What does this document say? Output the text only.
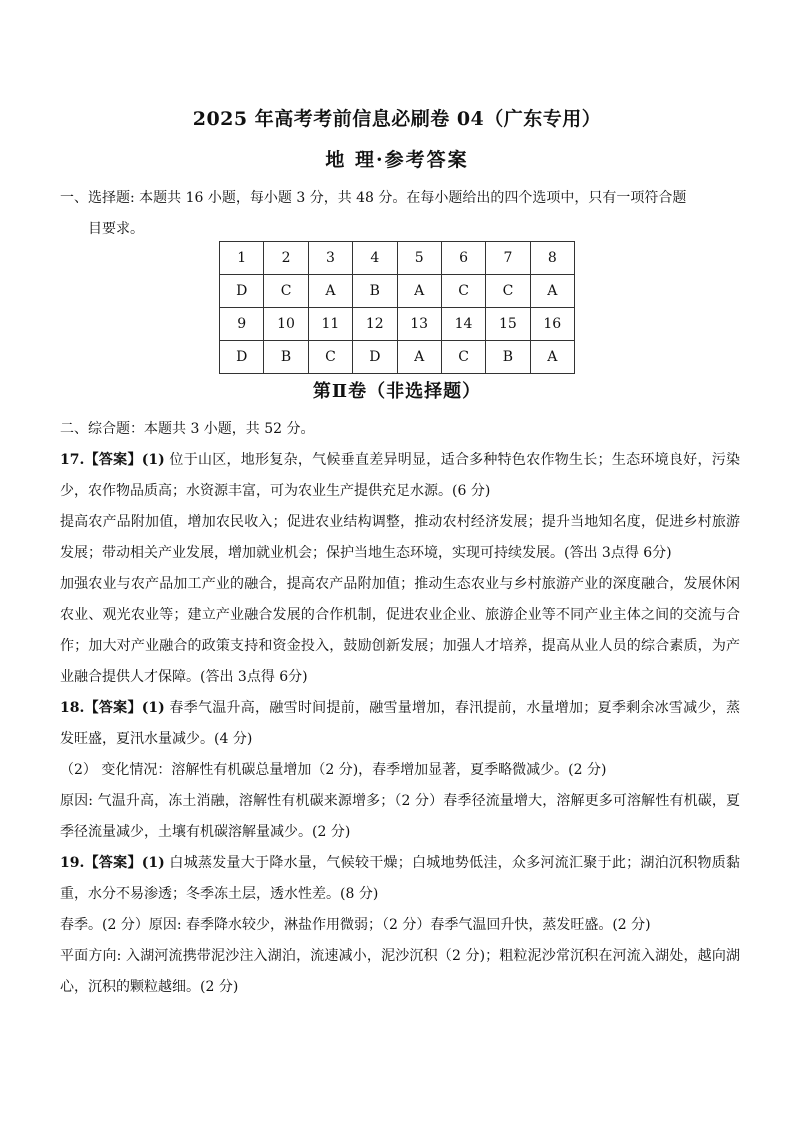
2025 年高考考前信息必刷卷 04（广东专用）
地 理·参考答案
一、选择题: 本题共 16 小题，每小题 3 分，共 48 分。在每小题给出的四个选项中，只有一项符合题
目要求。
1	2	3	4	5	6	7	8
D	C	A	B	A	C	C	A
9	10	11	12	13	14	15	16
D	B	C	D	A	C	B	A
第Ⅱ卷（非选择题）

二、综合题：本题共 3 小题，共 52 分。

17.【答案】(1) 位于山区，地形复杂，气候垂直差异明显，适合多种特色农作物生长；生态环境良好，污染少，农作物品质高；水资源丰富，可为农业生产提供充足水源。(6 分)

提高农产品附加值，增加农民收入；促进农业结构调整，推动农村经济发展；提升当地知名度，促进乡村旅游发展；带动相关产业发展，增加就业机会；保护当地生态环境，实现可持续发展。(答出 3点得 6分)

加强农业与农产品加工产业的融合，提高农产品附加值；推动生态农业与乡村旅游产业的深度融合，发展休闲农业、观光农业等；建立产业融合发展的合作机制，促进农业企业、旅游企业等不同产业主体之间的交流与合作；加大对产业融合的政策支持和资金投入，鼓励创新发展；加强人才培养，提高从业人员的综合素质，为产业融合提供人才保障。(答出 3点得 6分)

18.【答案】(1) 春季气温升高，融雪时间提前，融雪量增加，春汛提前，水量增加；夏季剩余冰雪减少，蒸发旺盛，夏汛水量减少。(4 分)

（2） 变化情况：溶解性有机碳总量增加（2 分)，春季增加显著，夏季略微减少。(2 分)

原因: 气温升高，冻土消融，溶解性有机碳来源增多；（2 分）春季径流量增大，溶解更多可溶解性有机碳，夏季径流量减少，土壤有机碳溶解量减少。(2 分)

19.【答案】(1) 白城蒸发量大于降水量，气候较干燥；白城地势低洼，众多河流汇聚于此；湖泊沉积物质黏重，水分不易渗透；冬季冻土层，透水性差。(8 分)

春季。(2 分）原因: 春季降水较少，淋盐作用微弱；（2 分）春季气温回升快，蒸发旺盛。(2 分)

平面方向: 入湖河流携带泥沙注入湖泊，流速减小，泥沙沉积（2 分)；粗粒泥沙常沉积在河流入湖处，越向湖心，沉积的颗粒越细。(2 分)
